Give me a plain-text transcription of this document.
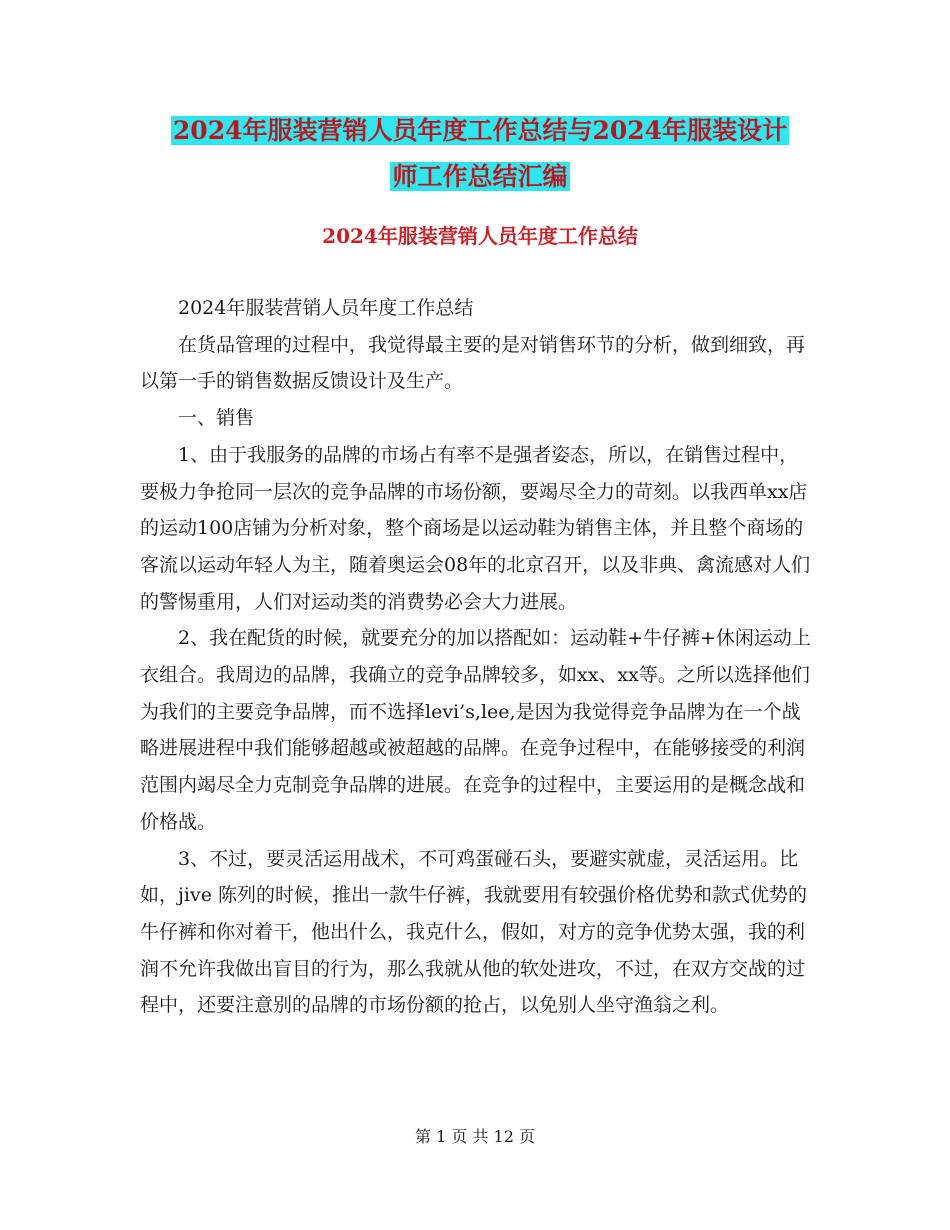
2024年服装营销人员年度工作总结与2024年服装设计
师工作总结汇编
2024年服装营销人员年度工作总结

2024年服装营销人员年度工作总结

在货品管理的过程中，我觉得最主要的是对销售环节的分析，做到细致，再以第一手的销售数据反馈设计及生产。

一、销售

1、由于我服务的品牌的市场占有率不是强者姿态，所以，在销售过程中，要极力争抢同一层次的竞争品牌的市场份额，要竭尽全力的苛刻。以我西单xx店的运动100店铺为分析对象，整个商场是以运动鞋为销售主体，并且整个商场的客流以运动年轻人为主，随着奥运会08年的北京召开，以及非典、禽流感对人们的警惕重用，人们对运动类的消费势必会大力进展。

2、我在配货的时候，就要充分的加以搭配如：运动鞋+牛仔裤+休闲运动上衣组合。我周边的品牌，我确立的竞争品牌较多，如xx、xx等。之所以选择他们为我们的主要竞争品牌，而不选择levi’s,lee,是因为我觉得竞争品牌为在一个战略进展进程中我们能够超越或被超越的品牌。在竞争过程中，在能够接受的利润范围内竭尽全力克制竞争品牌的进展。在竞争的过程中，主要运用的是概念战和价格战。

3、不过，要灵活运用战术，不可鸡蛋碰石头，要避实就虚，灵活运用。比如，jive 陈列的时候，推出一款牛仔裤，我就要用有较强价格优势和款式优势的牛仔裤和你对着干，他出什么，我克什么，假如，对方的竞争优势太强，我的利润不允许我做出盲目的行为，那么我就从他的软处进攻，不过，在双方交战的过程中，还要注意别的品牌的市场份额的抢占，以免别人坐守渔翁之利。

第 1 页 共 12 页
